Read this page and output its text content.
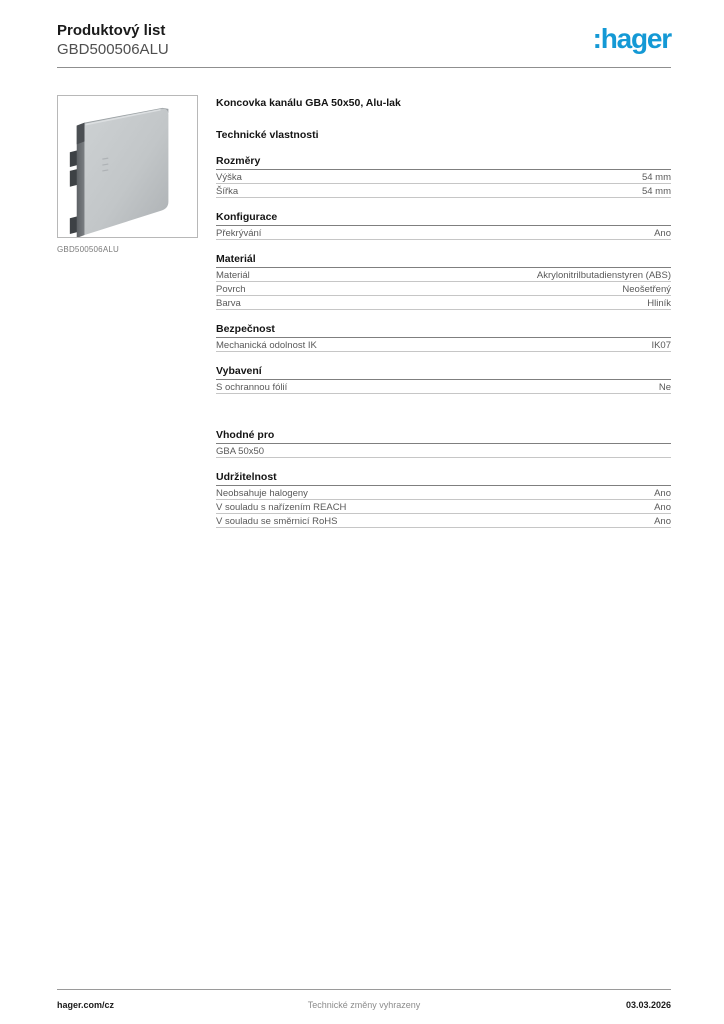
Produktový list
GBD500506ALU	:hager
GBD500506ALU
Koncovka kanálu GBA 50x50, Alu-lak
Technické vlastnosti
Rozměry
Výška	54 mm
Šířka	54 mm
Konfigurace
Překrývání	Ano
Materiál
Materiál	Akrylonitrilbutadienstyren (ABS)
Povrch	Neošetřený
Barva	Hliník
Bezpečnost
Mechanická odolnost IK	IK07
Vybavení
S ochrannou fólií	Ne
Vhodné pro
GBA 50x50
Udržitelnost
Neobsahuje halogeny	Ano
V souladu s nařízením REACH	Ano
V souladu se směrnicí RoHS	Ano
hager.com/cz	Technické změny vyhrazeny	03.03.2026
